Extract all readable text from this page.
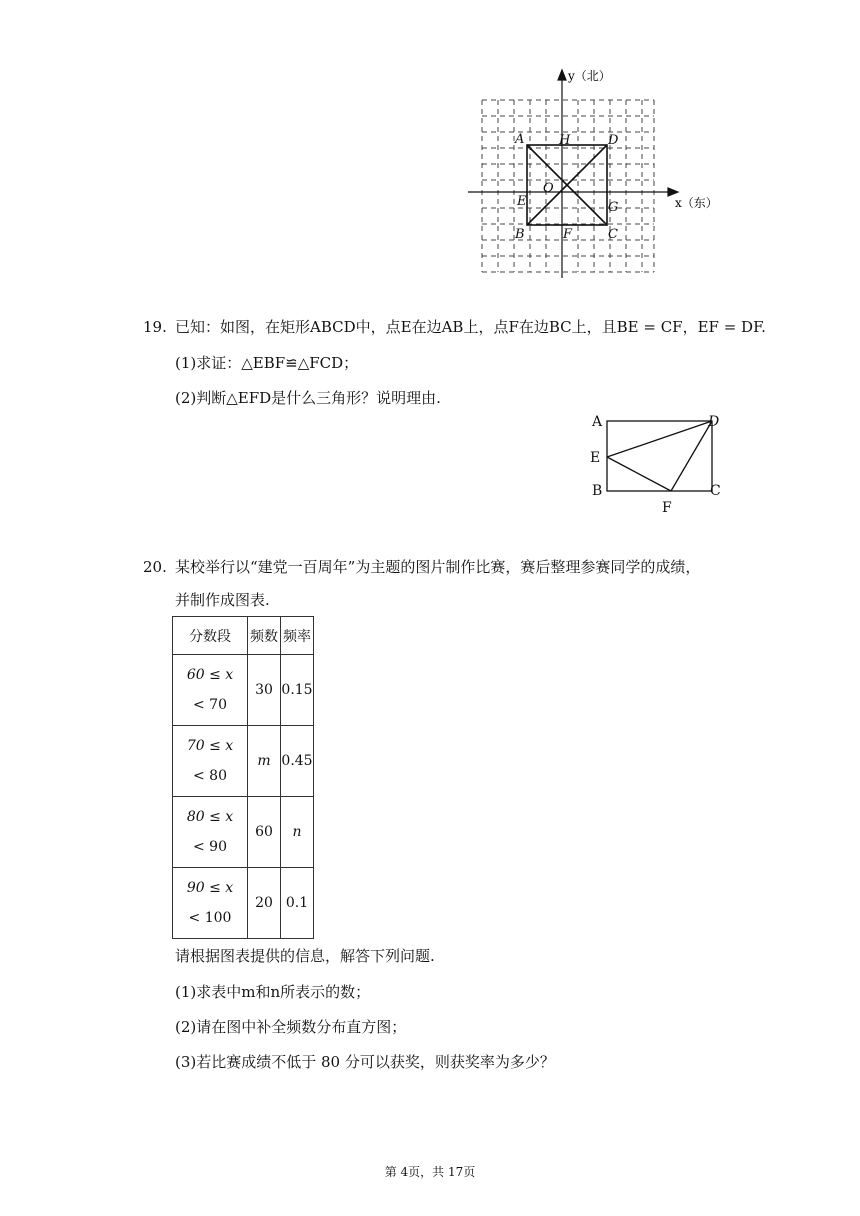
y（北）
x（东）
A	H	D
O
E	G
B	F	C
19. 已知：如图，在矩形ABCD中，点E在边AB上，点F在边BC上，且BE = CF，EF = DF.
(1)求证：△EBF≌△FCD；
(2)判断△EFD是什么三角形？说明理由.
A	D
E
B	C
F
20. 某校举行以“建党一百周年”为主题的图片制作比赛，赛后整理参赛同学的成绩，
并制作成图表.
分数段	频数	频率

60 ≤ x
< 70	30	0.15

70 ≤ x
< 80	m	0.45

80 ≤ x
< 90	60	n

90 ≤ x
< 100	20	0.1
请根据图表提供的信息，解答下列问题.
(1)求表中m和n所表示的数；
(2)请在图中补全频数分布直方图；
(3)若比赛成绩不低于 80 分可以获奖，则获奖率为多少？
第 4页，共 17页
